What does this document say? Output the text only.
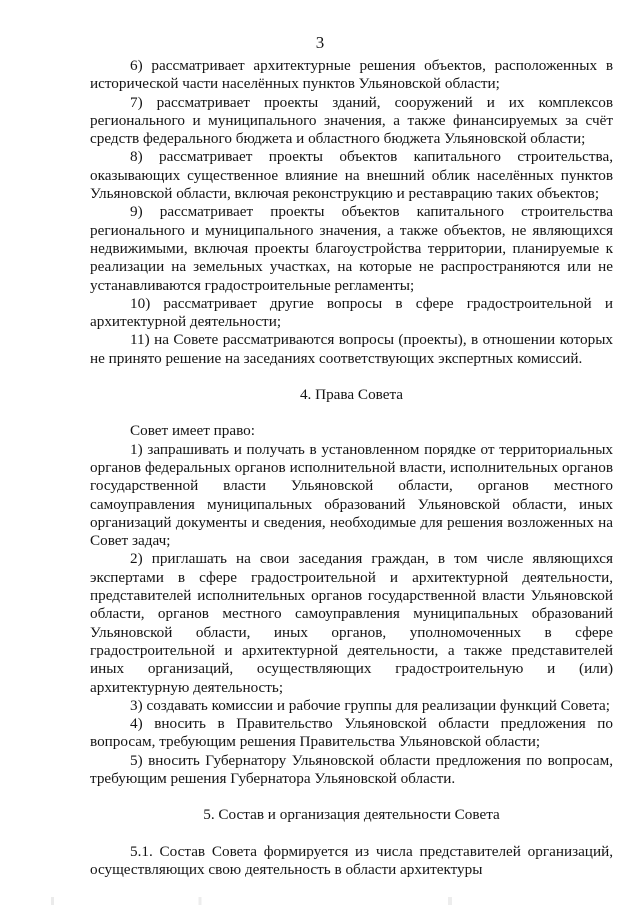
3

6) рассматривает архитектурные решения объектов, расположенных в исторической части населённых пунктов Ульяновской области;

7) рассматривает проекты зданий, сооружений и их комплексов регионального и муниципального значения, а также финансируемых за счёт средств федерального бюджета и областного бюджета Ульяновской области;

8) рассматривает проекты объектов капитального строительства, оказывающих существенное влияние на внешний облик населённых пунктов Ульяновской области, включая реконструкцию и реставрацию таких объектов;

9) рассматривает проекты объектов капитального строительства регионального и муниципального значения, а также объектов, не являющихся недвижимыми, включая проекты благоустройства территории, планируемые к реализации на земельных участках, на которые не распространяются или не устанавливаются градостроительные регламенты;

10) рассматривает другие вопросы в сфере градостроительной и архитектурной деятельности;

11) на Совете рассматриваются вопросы (проекты), в отношении которых не принято решение на заседаниях соответствующих экспертных комиссий.

4. Права Совета

Совет имеет право:

1) запрашивать и получать в установленном порядке от территориальных органов федеральных органов исполнительной власти, исполнительных органов государственной власти Ульяновской области, органов местного самоуправления муниципальных образований Ульяновской области, иных организаций документы и сведения, необходимые для решения возложенных на Совет задач;

2) приглашать на свои заседания граждан, в том числе являющихся экспертами в сфере градостроительной и архитектурной деятельности, представителей исполнительных органов государственной власти Ульяновской области, органов местного самоуправления муниципальных образований Ульяновской области, иных органов, уполномоченных в сфере градостроительной и архитектурной деятельности, а также представителей иных организаций, осуществляющих градостроительную и (или) архитектурную деятельность;

3) создавать комиссии и рабочие группы для реализации функций Совета;

4) вносить в Правительство Ульяновской области предложения по вопросам, требующим решения Правительства Ульяновской области;

5) вносить Губернатору Ульяновской области предложения по вопросам, требующим решения Губернатора Ульяновской области.

5. Состав и организация деятельности Совета

5.1. Состав Совета формируется из числа представителей организаций, осуществляющих свою деятельность в области архитектуры
